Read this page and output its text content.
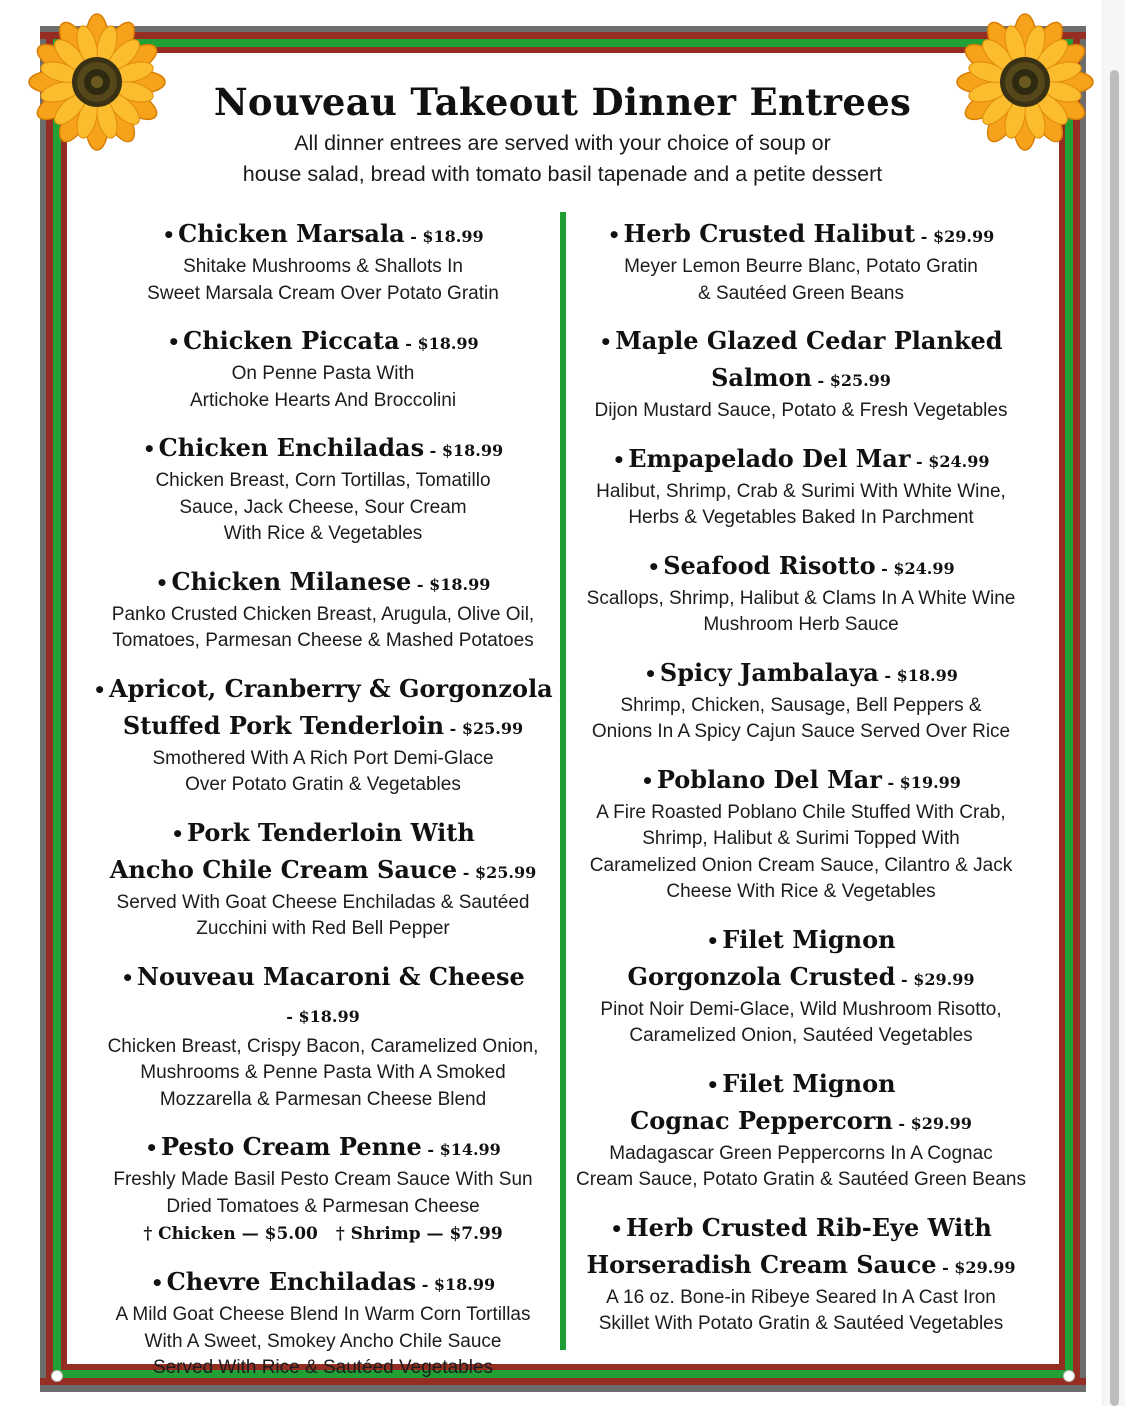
Nouveau Takeout Dinner Entrees
All dinner entrees are served with your choice of soup or
house salad, bread with tomato basil tapenade and a petite dessert
• Chicken Marsala - $18.99
Shitake Mushrooms & Shallots In
Sweet Marsala Cream Over Potato Gratin
• Chicken Piccata - $18.99
On Penne Pasta With
Artichoke Hearts And Broccolini
• Chicken Enchiladas - $18.99
Chicken Breast, Corn Tortillas, Tomatillo
Sauce, Jack Cheese, Sour Cream
With Rice & Vegetables
• Chicken Milanese - $18.99
Panko Crusted Chicken Breast, Arugula, Olive Oil,
Tomatoes, Parmesan Cheese & Mashed Potatoes
• Apricot, Cranberry & Gorgonzola
Stuffed Pork Tenderloin - $25.99
Smothered With A Rich Port Demi-Glace
Over Potato Gratin & Vegetables
• Pork Tenderloin With
Ancho Chile Cream Sauce - $25.99
Served With Goat Cheese Enchiladas & Sautéed
Zucchini with Red Bell Pepper
• Nouveau Macaroni & Cheese - $18.99
Chicken Breast, Crispy Bacon, Caramelized Onion,
Mushrooms & Penne Pasta With A Smoked
Mozzarella & Parmesan Cheese Blend
• Pesto Cream Penne - $14.99
Freshly Made Basil Pesto Cream Sauce With Sun
Dried Tomatoes & Parmesan Cheese
† Chicken — $5.00 † Shrimp — $7.99
• Chevre Enchiladas - $18.99
A Mild Goat Cheese Blend In Warm Corn Tortillas
With A Sweet, Smokey Ancho Chile Sauce
Served With Rice & Sautéed Vegetables
• Herb Crusted Halibut - $29.99
Meyer Lemon Beurre Blanc, Potato Gratin
& Sautéed Green Beans
• Maple Glazed Cedar Planked
Salmon - $25.99
Dijon Mustard Sauce, Potato & Fresh Vegetables
• Empapelado Del Mar - $24.99
Halibut, Shrimp, Crab & Surimi With White Wine,
Herbs & Vegetables Baked In Parchment
• Seafood Risotto - $24.99
Scallops, Shrimp, Halibut & Clams In A White Wine
Mushroom Herb Sauce
• Spicy Jambalaya - $18.99
Shrimp, Chicken, Sausage, Bell Peppers &
Onions In A Spicy Cajun Sauce Served Over Rice
• Poblano Del Mar - $19.99
A Fire Roasted Poblano Chile Stuffed With Crab,
Shrimp, Halibut & Surimi Topped With
Caramelized Onion Cream Sauce, Cilantro & Jack
Cheese With Rice & Vegetables
• Filet Mignon
Gorgonzola Crusted - $29.99
Pinot Noir Demi-Glace, Wild Mushroom Risotto,
Caramelized Onion, Sautéed Vegetables
• Filet Mignon
Cognac Peppercorn - $29.99
Madagascar Green Peppercorns In A Cognac
Cream Sauce, Potato Gratin & Sautéed Green Beans
• Herb Crusted Rib-Eye With
Horseradish Cream Sauce - $29.99
A 16 oz. Bone-in Ribeye Seared In A Cast Iron
Skillet With Potato Gratin & Sautéed Vegetables
